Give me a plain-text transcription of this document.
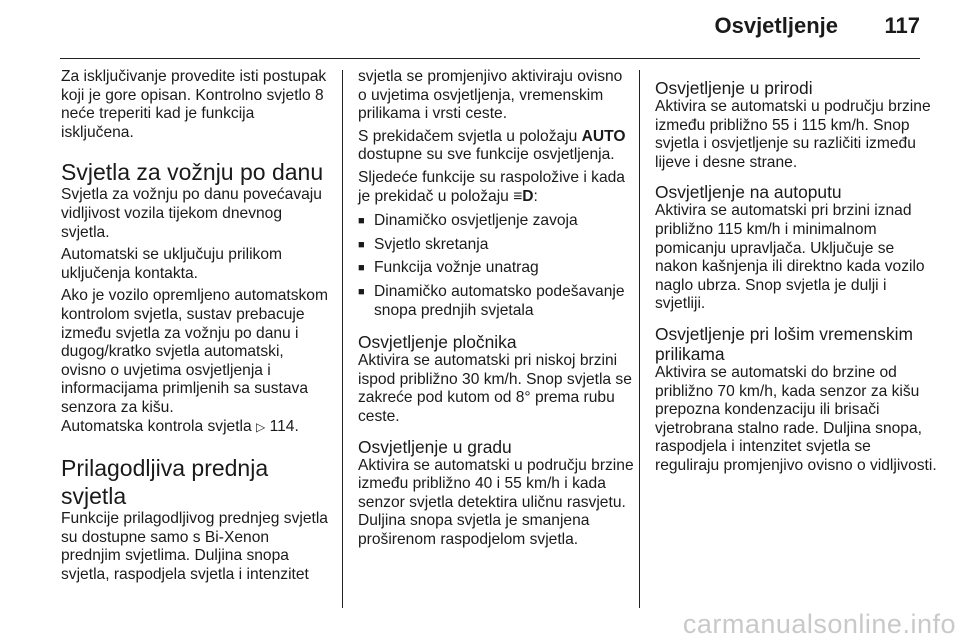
Osvjetljenje 117

Za isključivanje provedite isti postupak koji je gore opisan. Kontrolno svjetlo 8 neće treperiti kad je funkcija isključena.

Svjetla za vožnju po danu

Svjetla za vožnju po danu povećavaju vidljivost vozila tijekom dnevnog svjetla.

Automatski se uključuju prilikom uključenja kontakta.

Ako je vozilo opremljeno automatskom kontrolom svjetla, sustav prebacuje između svjetla za vožnju po danu i dugog/kratko svjetla automatski, ovisno o uvjetima osvjetljenja i informacijama primljenih sa sustava senzora za kišu.

Automatska kontrola svjetla ▷ 114.

Prilagodljiva prednja svjetla

Funkcije prilagodljivog prednjeg svjetla su dostupne samo s Bi-Xenon prednjim svjetlima. Duljina snopa svjetla, raspodjela svjetla i intenzitet

svjetla se promjenjivo aktiviraju ovisno o uvjetima osvjetljenja, vremenskim prilikama i vrsti ceste.

S prekidačem svjetla u položaju AUTO dostupne su sve funkcije osvjetljenja.

Sljedeće funkcije su raspoložive i kada je prekidač u položaju ≡D:

■ Dinamičko osvjetljenje zavoja
■ Svjetlo skretanja
■ Funkcija vožnje unatrag
■ Dinamičko automatsko podešavanje snopa prednjih svjetala
Osvjetljenje pločnika

Aktivira se automatski pri niskoj brzini ispod približno 30 km/h. Snop svjetla se zakreće pod kutom od 8° prema rubu ceste.

Osvjetljenje u gradu

Aktivira se automatski u području brzine između približno 40 i 55 km/h i kada senzor svjetla detektira uličnu rasvjetu. Duljina snopa svjetla je smanjena proširenom raspodjelom svjetla.

Osvjetljenje u prirodi

Aktivira se automatski u području brzine između približno 55 i 115 km/h. Snop svjetla i osvjetljenje su različiti između lijeve i desne strane.

Osvjetljenje na autoputu

Aktivira se automatski pri brzini iznad približno 115 km/h i minimalnom pomicanju upravljača. Uključuje se nakon kašnjenja ili direktno kada vozilo naglo ubrza. Snop svjetla je dulji i svjetliji.

Osvjetljenje pri lošim vremenskim prilikama

Aktivira se automatski do brzine od približno 70 km/h, kada senzor za kišu prepozna kondenzaciju ili brisači vjetrobrana stalno rade. Duljina snopa, raspodjela i intenzitet svjetla se reguliraju promjenjivo ovisno o vidljivosti.

carmanualsonline.info
